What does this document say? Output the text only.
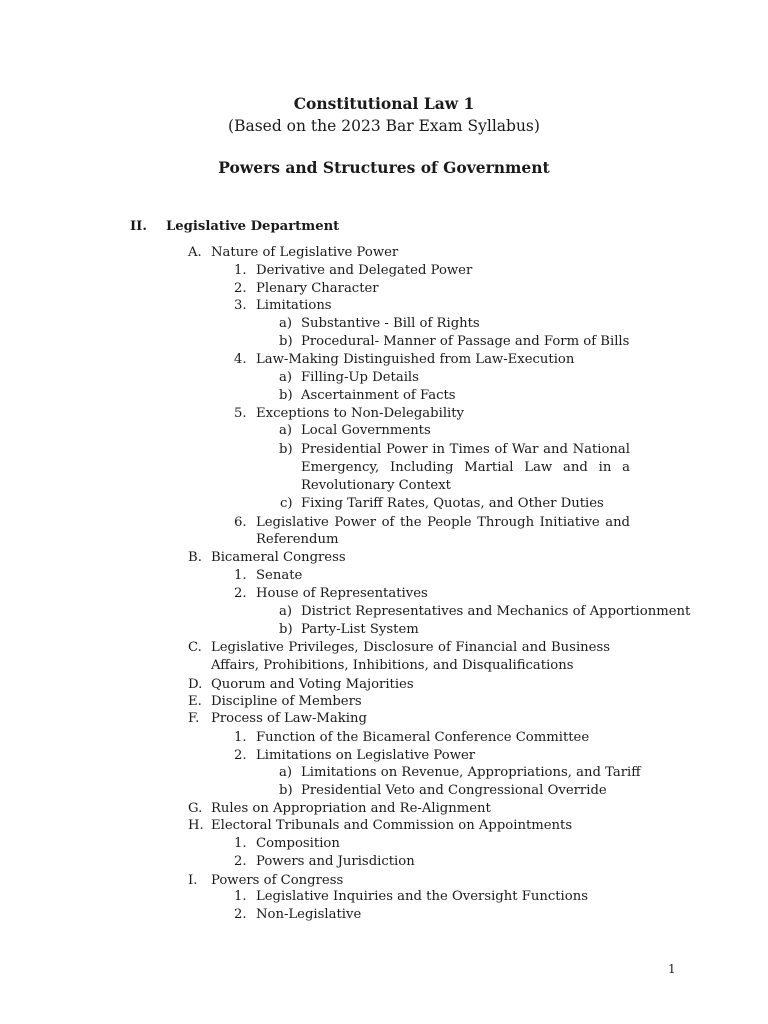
Constitutional Law 1

(Based on the 2023 Bar Exam Syllabus)

Powers and Structures of Government

II. Legislative Department

A. Nature of Legislative Power

1. Derivative and Delegated Power

2. Plenary Character

3. Limitations

a) Substantive - Bill of Rights

b) Procedural- Manner of Passage and Form of Bills

4. Law-Making Distinguished from Law-Execution

a) Filling-Up Details

b) Ascertainment of Facts

5. Exceptions to Non-Delegability

a) Local Governments

b) Presidential Power in Times of War and National

Emergency, Including Martial Law and in a

Revolutionary Context

c) Fixing Tariff Rates, Quotas, and Other Duties

6. Legislative Power of the People Through Initiative and

Referendum

B. Bicameral Congress

1. Senate

2. House of Representatives

a) District Representatives and Mechanics of Apportionment

b) Party-List System

C. Legislative Privileges, Disclosure of Financial and Business

Affairs, Prohibitions, Inhibitions, and Disqualifications

D. Quorum and Voting Majorities

E. Discipline of Members

F. Process of Law-Making

1. Function of the Bicameral Conference Committee

2. Limitations on Legislative Power

a) Limitations on Revenue, Appropriations, and Tariff

b) Presidential Veto and Congressional Override

G. Rules on Appropriation and Re-Alignment

H. Electoral Tribunals and Commission on Appointments

1. Composition

2. Powers and Jurisdiction

I. Powers of Congress

1. Legislative Inquiries and the Oversight Functions

2. Non-Legislative

1
